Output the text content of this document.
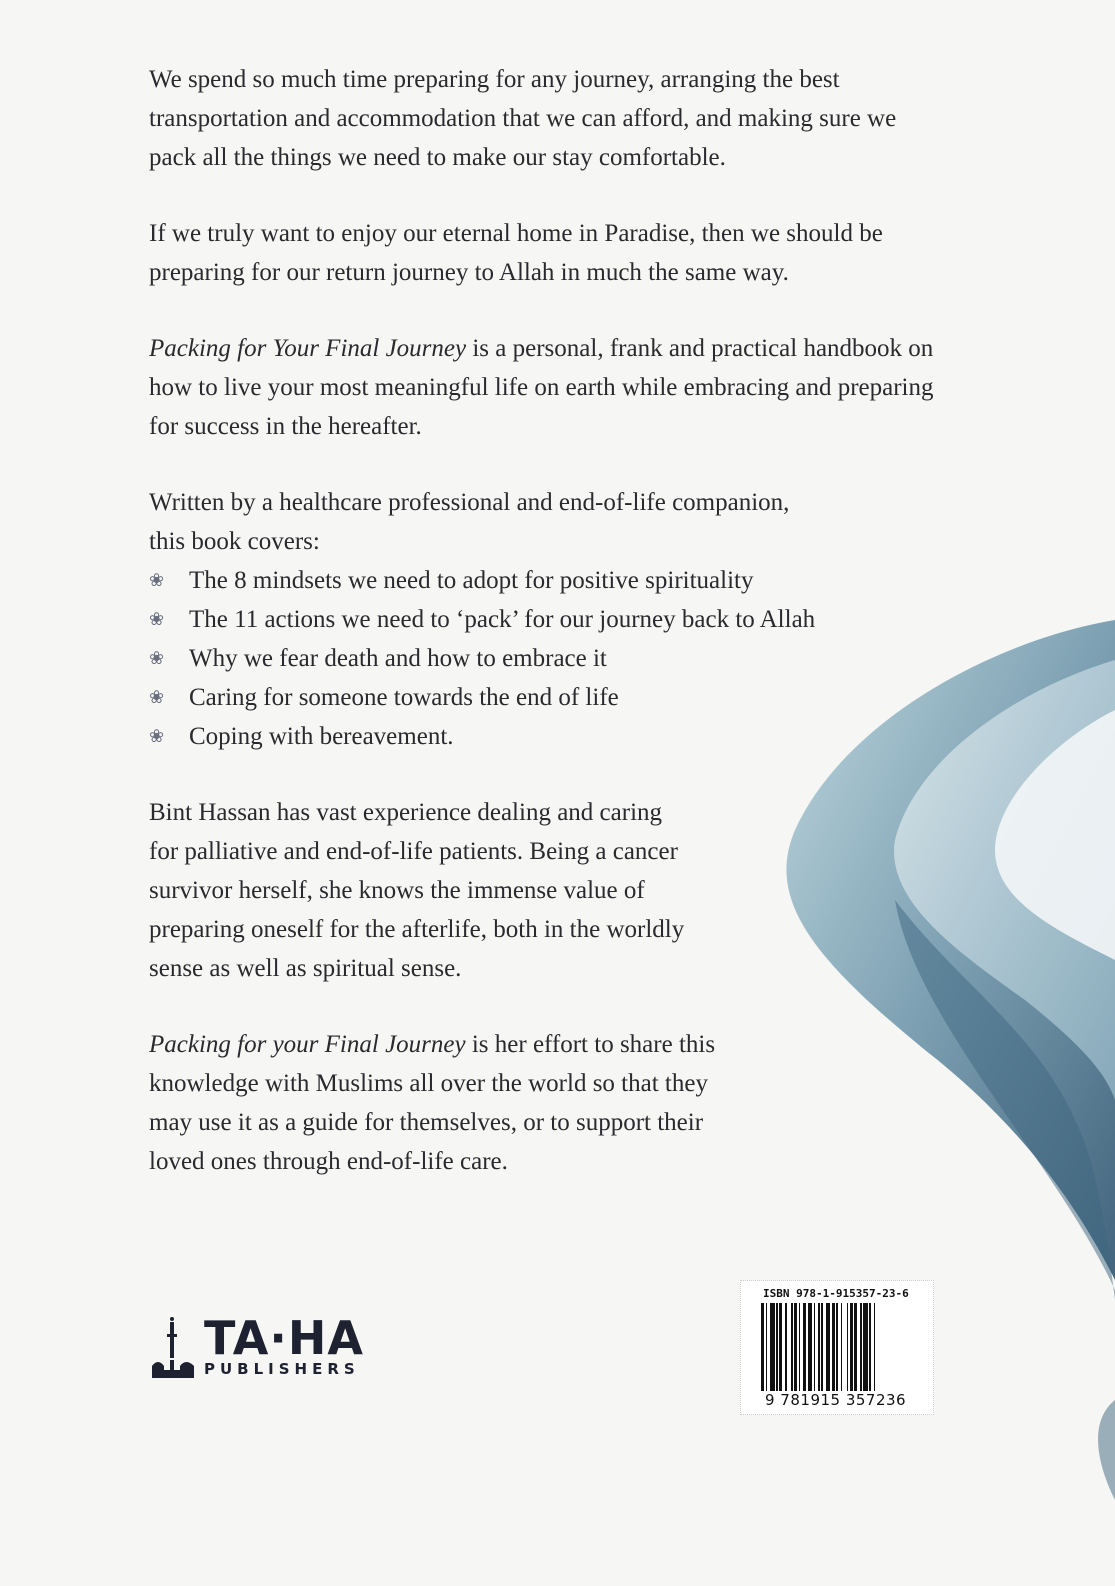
We spend so much time preparing for any journey, arranging the best transportation and accommodation that we can afford, and making sure we pack all the things we need to make our stay comfortable.

If we truly want to enjoy our eternal home in Paradise, then we should be preparing for our return journey to Allah in much the same way.

Packing for Your Final Journey is a personal, frank and practical handbook on how to live your most meaningful life on earth while embracing and preparing for success in the hereafter.

Written by a healthcare professional and end-of-life companion, this book covers:

❀ The 8 mindsets we need to adopt for positive spirituality
❀ The 11 actions we need to ‘pack’ for our journey back to Allah
❀ Why we fear death and how to embrace it
❀ Caring for someone towards the end of life
❀ Coping with bereavement.

Bint Hassan has vast experience dealing and caring for palliative and end-of-life patients. Being a cancer survivor herself, she knows the immense value of preparing oneself for the afterlife, both in the worldly sense as well as spiritual sense.

Packing for your Final Journey is her effort to share this knowledge with Muslims all over the world so that they may use it as a guide for themselves, or to support their loved ones through end-of-life care.

TA·HA
PUBLISHERS
ISBN 978-1-915357-23-6
9 781915 357236
